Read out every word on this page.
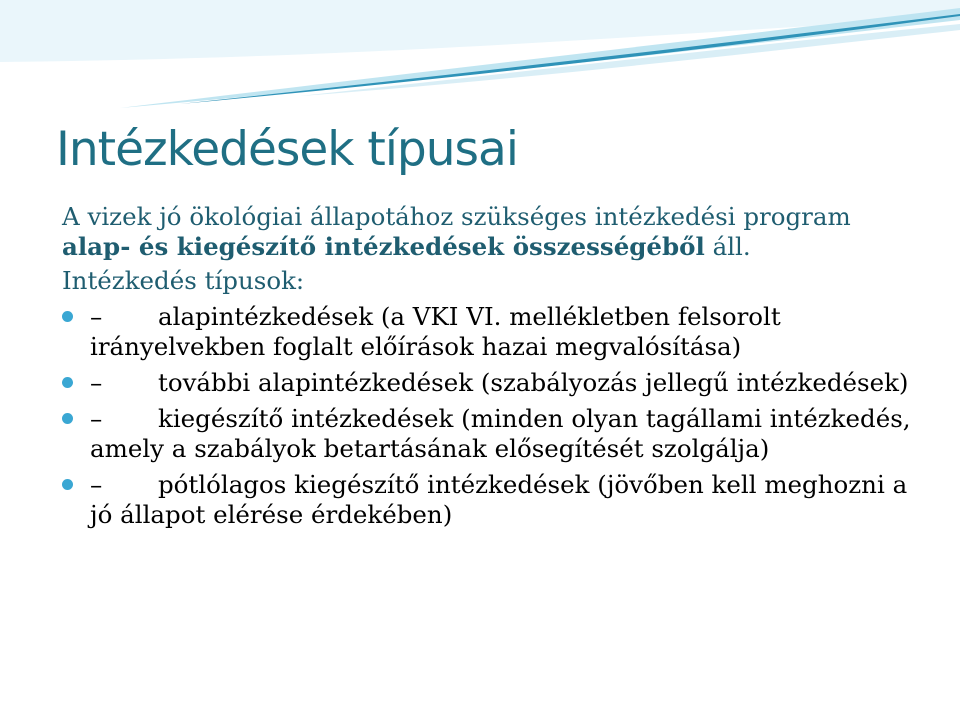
Intézkedések típusai

A vizek jó ökológiai állapotához szükséges intézkedési program alap- és kiegészítő intézkedések összességéből áll.

Intézkedés típusok:

– alapintézkedések (a VKI VI. mellékletben felsorolt irányelvekben foglalt előírások hazai megvalósítása)
– további alapintézkedések (szabályozás jellegű intézkedések)
– kiegészítő intézkedések (minden olyan tagállami intézkedés, amely a szabályok betartásának elősegítését szolgálja)
– pótlólagos kiegészítő intézkedések (jövőben kell meghozni a jó állapot elérése érdekében)
